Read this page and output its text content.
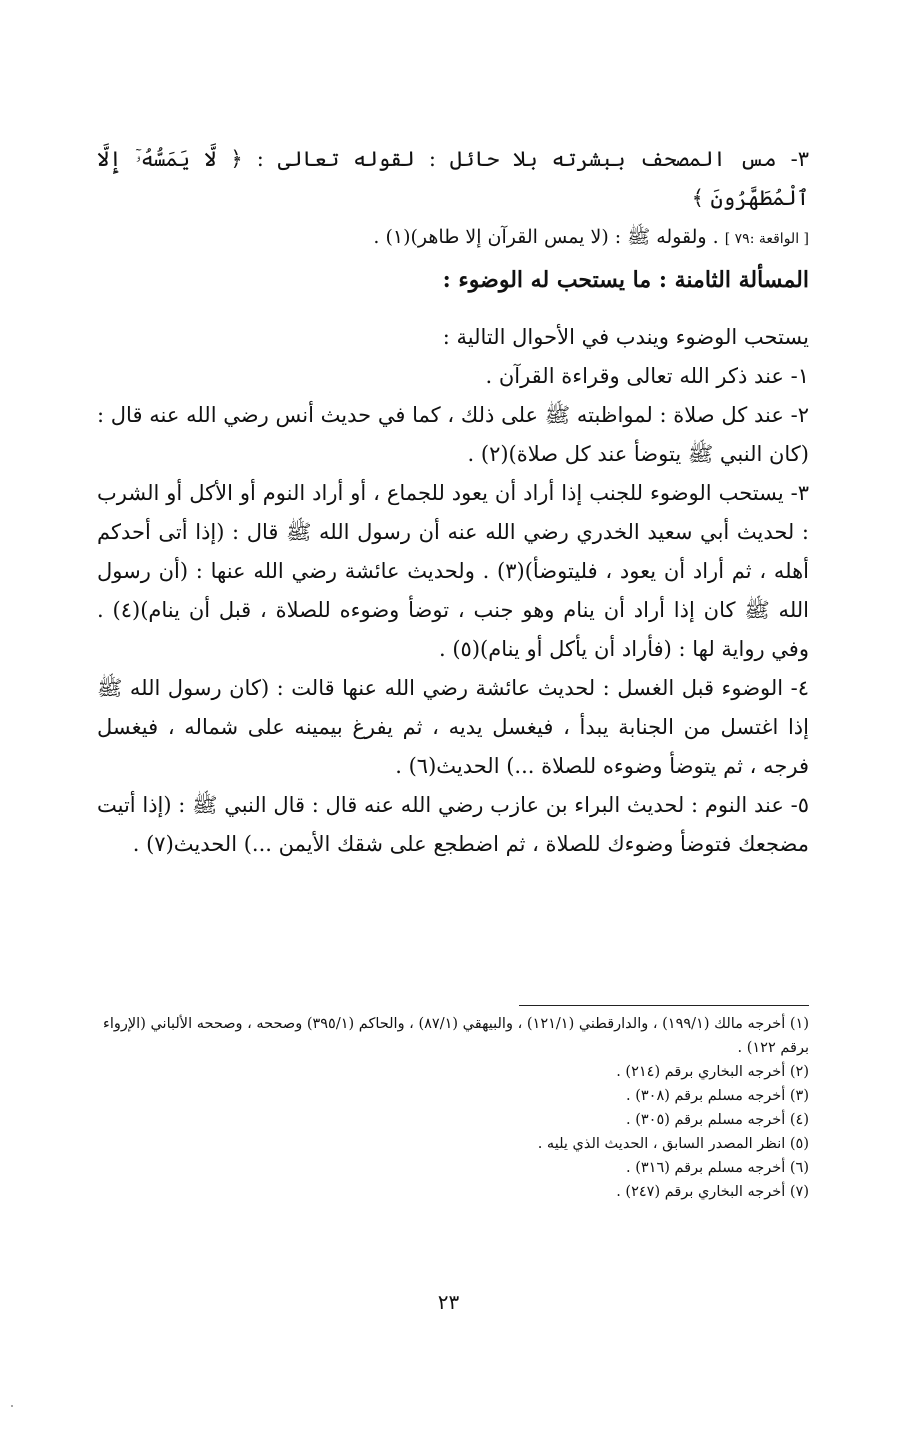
٣- مس المصحف ببشرته بلا حائل : لقوله تعالى : ﴿ لَّا يَمَسُّهُۥٓ إِلَّا ٱلْمُطَهَّرُونَ ﴾

[ الواقعة :٧٩ ] . ولقوله ﷺ : (لا يمس القرآن إلا طاهر)(١) .

المسألة الثامنة : ما يستحب له الوضوء :

يستحب الوضوء ويندب في الأحوال التالية :

١- عند ذكر الله تعالى وقراءة القرآن .

٢- عند كل صلاة : لمواظبته ﷺ على ذلك ، كما في حديث أنس رضي الله عنه قال : (كان النبي ﷺ يتوضأ عند كل صلاة)(٢) .

٣- يستحب الوضوء للجنب إذا أراد أن يعود للجماع ، أو أراد النوم أو الأكل أو الشرب : لحديث أبي سعيد الخدري رضي الله عنه أن رسول الله ﷺ قال : (إذا أتى أحدكم أهله ، ثم أراد أن يعود ، فليتوضأ)(٣) . ولحديث عائشة رضي الله عنها : (أن رسول الله ﷺ كان إذا أراد أن ينام وهو جنب ، توضأ وضوءه للصلاة ، قبل أن ينام)(٤) . وفي رواية لها : (فأراد أن يأكل أو ينام)(٥) .

٤- الوضوء قبل الغسل : لحديث عائشة رضي الله عنها قالت : (كان رسول الله ﷺ إذا اغتسل من الجنابة يبدأ ، فيغسل يديه ، ثم يفرغ بيمينه على شماله ، فيغسل فرجه ، ثم يتوضأ وضوءه للصلاة ...) الحديث(٦) .

٥- عند النوم : لحديث البراء بن عازب رضي الله عنه قال : قال النبي ﷺ : (إذا أتيت مضجعك فتوضأ وضوءك للصلاة ، ثم اضطجع على شقك الأيمن ...) الحديث(٧) .

(١) أخرجه مالك (١٩٩/١) ، والدارقطني (١٢١/١) ، والبيهقي (٨٧/١) ، والحاكم (٣٩٥/١) وصححه ، وصححه الألباني (الإرواء برقم ١٢٢) .

(٢) أخرجه البخاري برقم (٢١٤) .

(٣) أخرجه مسلم برقم (٣٠٨) .

(٤) أخرجه مسلم برقم (٣٠٥) .

(٥) انظر المصدر السابق ، الحديث الذي يليه .

(٦) أخرجه مسلم برقم (٣١٦) .

(٧) أخرجه البخاري برقم (٢٤٧) .

٢٣
